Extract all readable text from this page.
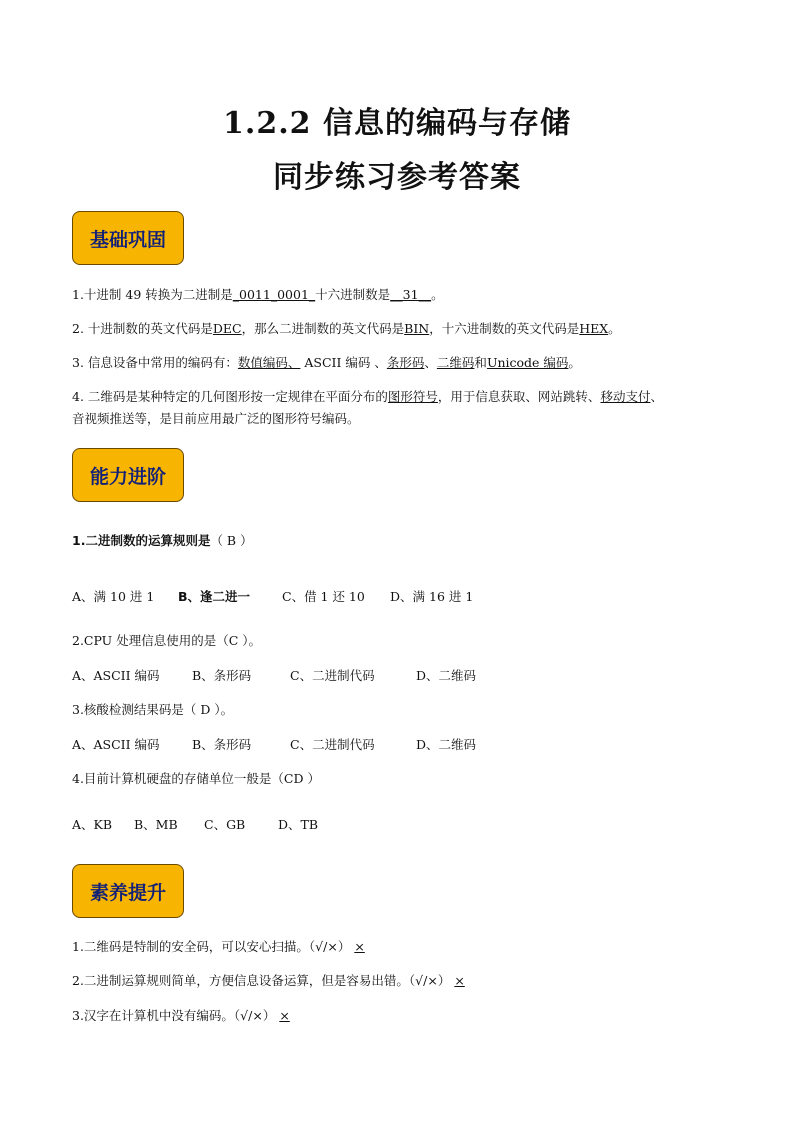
1.2.2 信息的编码与存储
同步练习参考答案
基础巩固
1.十进制 49 转换为二进制是_0011_0001_十六进制数是__31__。
2. 十进制数的英文代码是DEC，那么二进制数的英文代码是BIN，十六进制数的英文代码是HEX。
3. 信息设备中常用的编码有：数值编码、 ASCII 编码 、条形码、二维码和Unicode 编码。
4. 二维码是某种特定的几何图形按一定规律在平面分布的图形符号，用于信息获取、网站跳转、移动支付、
音视频推送等，是目前应用最广泛的图形符号编码。
能力进阶
1.二进制数的运算规则是（ B ）
A、满 10 进 1 B、逢二进一	C、借 1 还 10 D、满 16 进 1
2.CPU 处理信息使用的是（C ）。
A、ASCII 编码	B、条形码	C、二进制代码	D、二维码
3.核酸检测结果码是（ D ）。
A、ASCII 编码	B、条形码	C、二进制代码	D、二维码
4.目前计算机硬盘的存储单位一般是（CD ）
A、KB B、MB C、GB	D、TB
素养提升
1.二维码是特制的安全码，可以安心扫描。（√/×） ×
2.二进制运算规则简单，方便信息设备运算，但是容易出错。（√/×） ×
3.汉字在计算机中没有编码。（√/×） ×
